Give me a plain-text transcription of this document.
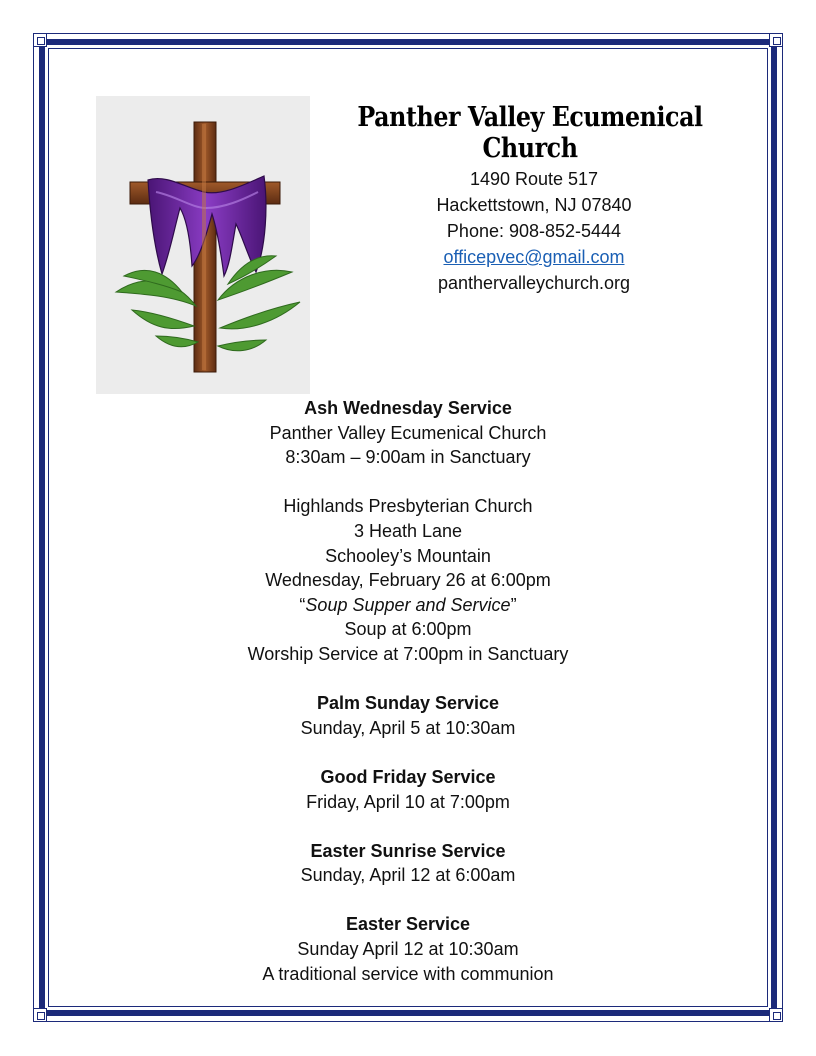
Panther Valley Ecumenical Church
1490 Route 517
Hackettstown, NJ 07840
Phone: 908-852-5444
officepvec@gmail.com
panthervalleychurch.org
Ash Wednesday Service
Panther Valley Ecumenical Church
8:30am – 9:00am in Sanctuary
Highlands Presbyterian Church
3 Heath Lane
Schooley’s Mountain
Wednesday, February 26 at 6:00pm
“Soup Supper and Service”
Soup at 6:00pm
Worship Service at 7:00pm in Sanctuary
Palm Sunday Service
Sunday, April 5 at 10:30am
Good Friday Service
Friday, April 10 at 7:00pm
Easter Sunrise Service
Sunday, April 12 at 6:00am
Easter Service
Sunday April 12 at 10:30am
A traditional service with communion
